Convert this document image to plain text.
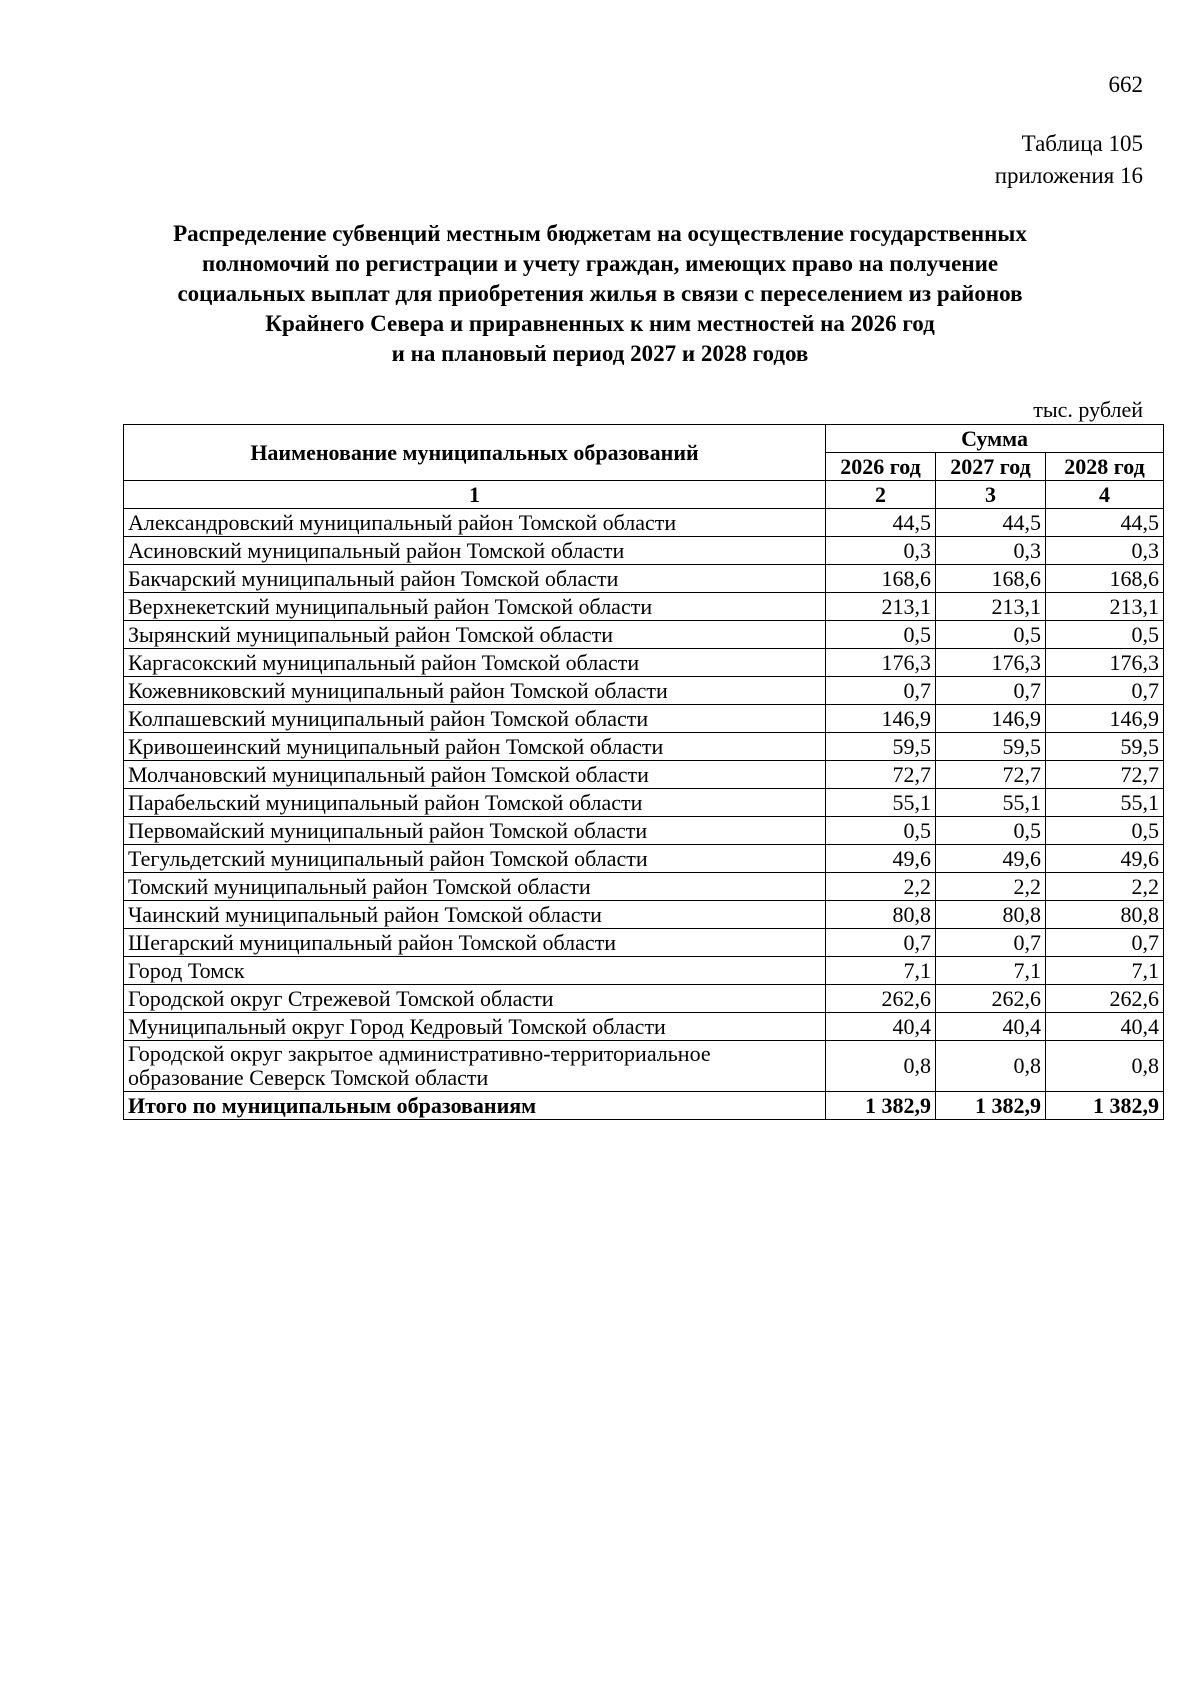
662
Таблица 105
приложения 16
Распределение субвенций местным бюджетам на осуществление государственных
полномочий по регистрации и учету граждан, имеющих право на получение
социальных выплат для приобретения жилья в связи с переселением из районов
Крайнего Севера и приравненных к ним местностей на 2026 год
и на плановый период 2027 и 2028 годов
тыс. рублей
Наименование муниципальных образований	Сумма		
	2026 год	2027 год	2028 год
1	2	3	4
Александровский муниципальный район Томской области	44,5	44,5	44,5
Асиновский муниципальный район Томской области	0,3	0,3	0,3
Бакчарский муниципальный район Томской области	168,6	168,6	168,6
Верхнекетский муниципальный район Томской области	213,1	213,1	213,1
Зырянский муниципальный район Томской области	0,5	0,5	0,5
Каргасокский муниципальный район Томской области	176,3	176,3	176,3
Кожевниковский муниципальный район Томской области	0,7	0,7	0,7
Колпашевский муниципальный район Томской области	146,9	146,9	146,9
Кривошеинский муниципальный район Томской области	59,5	59,5	59,5
Молчановский муниципальный район Томской области	72,7	72,7	72,7
Парабельский муниципальный район Томской области	55,1	55,1	55,1
Первомайский муниципальный район Томской области	0,5	0,5	0,5
Тегульдетский муниципальный район Томской области	49,6	49,6	49,6
Томский муниципальный район Томской области	2,2	2,2	2,2
Чаинский муниципальный район Томской области	80,8	80,8	80,8
Шегарский муниципальный район Томской области	0,7	0,7	0,7
Город Томск	7,1	7,1	7,1
Городской округ Стрежевой Томской области	262,6	262,6	262,6
Муниципальный округ Город Кедровый Томской области	40,4	40,4	40,4
Городской округ закрытое административно-территориальное образование Северск Томской области	0,8	0,8	0,8
Итого по муниципальным образованиям	1 382,9	1 382,9	1 382,9
